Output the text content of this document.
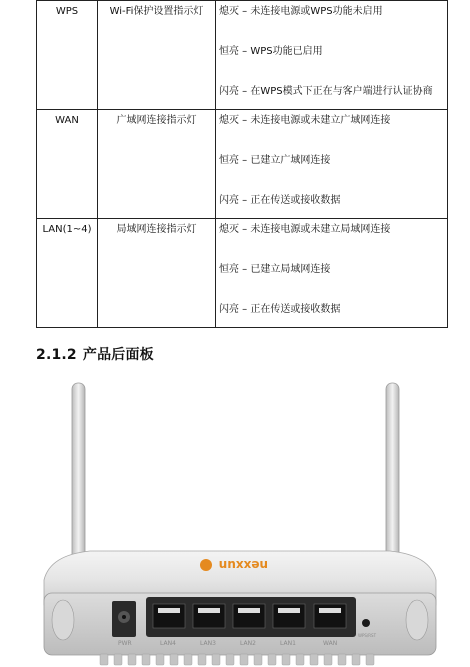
WPS	Wi-Fi保护设置指示灯	熄灭 – 未连接电源或WPS功能未启用
恒亮 – WPS功能已启用
闪亮 – 在WPS模式下正在与客户端进行认证协商

WAN	广域网连接指示灯	熄灭 – 未连接电源或未建立广域网连接
恒亮 – 已建立广域网连接
闪亮 – 正在传送或接收数据

LAN(1~4)	局域网连接指示灯	熄灭 – 未连接电源或未建立局域网连接
恒亮 – 已建立局域网连接
闪亮 – 正在传送或接收数据
2.1.2 产品后面板
nexxun
PWR	LAN4	LAN3	LAN2	LAN1	WAN
WPS/RST
